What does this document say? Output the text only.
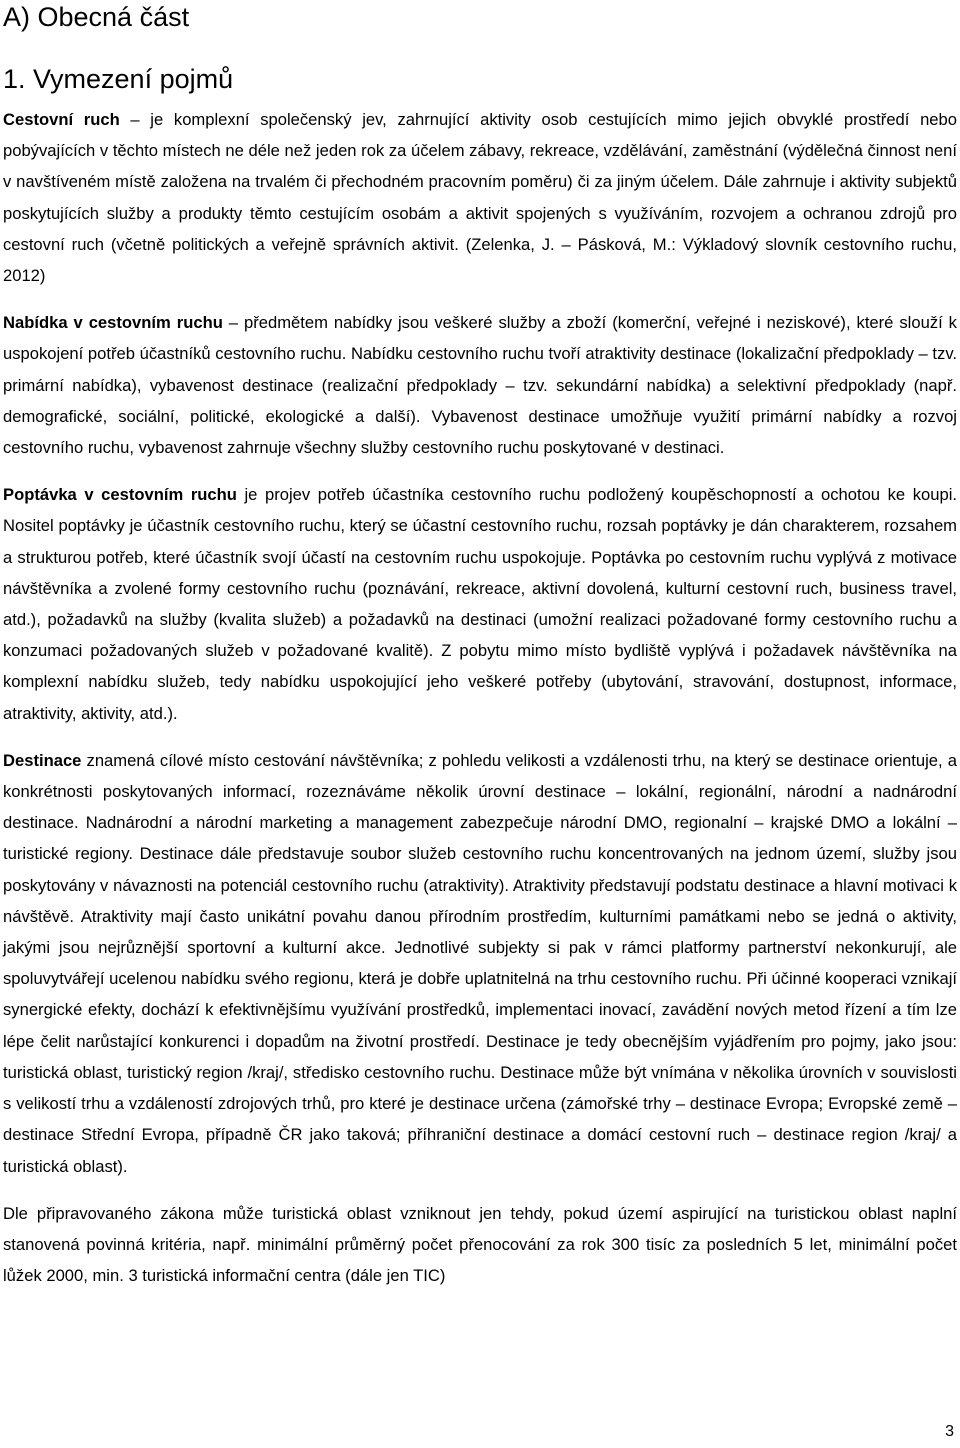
A) Obecná část
1. Vymezení pojmů

Cestovní ruch – je komplexní společenský jev, zahrnující aktivity osob cestujících mimo jejich obvyklé prostředí nebo pobývajících v těchto místech ne déle než jeden rok za účelem zábavy, rekreace, vzdělávání, zaměstnání (výdělečná činnost není v navštíveném místě založena na trvalém či přechodném pracovním poměru) či za jiným účelem. Dále zahrnuje i aktivity subjektů poskytujících služby a produkty těmto cestujícím osobám a aktivit spojených s využíváním, rozvojem a ochranou zdrojů pro cestovní ruch (včetně politických a veřejně správních aktivit. (Zelenka, J. – Pásková, M.: Výkladový slovník cestovního ruchu, 2012)

Nabídka v cestovním ruchu – předmětem nabídky jsou veškeré služby a zboží (komerční, veřejné i neziskové), které slouží k uspokojení potřeb účastníků cestovního ruchu. Nabídku cestovního ruchu tvoří atraktivity destinace (lokalizační předpoklady – tzv. primární nabídka), vybavenost destinace (realizační předpoklady – tzv. sekundární nabídka) a selektivní předpoklady (např. demografické, sociální, politické, ekologické a další). Vybavenost destinace umožňuje využití primární nabídky a rozvoj cestovního ruchu, vybavenost zahrnuje všechny služby cestovního ruchu poskytované v destinaci.

Poptávka v cestovním ruchu je projev potřeb účastníka cestovního ruchu podložený koupěschopností a ochotou ke koupi. Nositel poptávky je účastník cestovního ruchu, který se účastní cestovního ruchu, rozsah poptávky je dán charakterem, rozsahem a strukturou potřeb, které účastník svojí účastí na cestovním ruchu uspokojuje. Poptávka po cestovním ruchu vyplývá z motivace návštěvníka a zvolené formy cestovního ruchu (poznávání, rekreace, aktivní dovolená, kulturní cestovní ruch, business travel, atd.), požadavků na služby (kvalita služeb) a požadavků na destinaci (umožní realizaci požadované formy cestovního ruchu a konzumaci požadovaných služeb v požadované kvalitě). Z pobytu mimo místo bydliště vyplývá i požadavek návštěvníka na komplexní nabídku služeb, tedy nabídku uspokojující jeho veškeré potřeby (ubytování, stravování, dostupnost, informace, atraktivity, aktivity, atd.).

Destinace znamená cílové místo cestování návštěvníka; z pohledu velikosti a vzdálenosti trhu, na který se destinace orientuje, a konkrétnosti poskytovaných informací, rozeznáváme několik úrovní destinace – lokální, regionální, národní a nadnárodní destinace. Nadnárodní a národní marketing a management zabezpečuje národní DMO, regionalní – krajské DMO a lokální – turistické regiony. Destinace dále představuje soubor služeb cestovního ruchu koncentrovaných na jednom území, služby jsou poskytovány v návaznosti na potenciál cestovního ruchu (atraktivity). Atraktivity představují podstatu destinace a hlavní motivaci k návštěvě. Atraktivity mají často unikátní povahu danou přírodním prostředím, kulturními památkami nebo se jedná o aktivity, jakými jsou nejrůznější sportovní a kulturní akce. Jednotlivé subjekty si pak v rámci platformy partnerství nekonkurují, ale spoluvytvářejí ucelenou nabídku svého regionu, která je dobře uplatnitelná na trhu cestovního ruchu. Při účinné kooperaci vznikají synergické efekty, dochází k efektivnějšímu využívání prostředků, implementaci inovací, zavádění nových metod řízení a tím lze lépe čelit narůstající konkurenci i dopadům na životní prostředí. Destinace je tedy obecnějším vyjádřením pro pojmy, jako jsou: turistická oblast, turistický region /kraj/, středisko cestovního ruchu. Destinace může být vnímána v několika úrovních v souvislosti s velikostí trhu a vzdáleností zdrojových trhů, pro které je destinace určena (zámořské trhy – destinace Evropa; Evropské země – destinace Střední Evropa, případně ČR jako taková; příhraniční destinace a domácí cestovní ruch – destinace region /kraj/ a turistická oblast).

Dle připravovaného zákona může turistická oblast vzniknout jen tehdy, pokud území aspirující na turistickou oblast naplní stanovená povinná kritéria, např. minimální průměrný počet přenocování za rok 300 tisíc za posledních 5 let, minimální počet lůžek 2000, min. 3 turistická informační centra (dále jen TIC)

3
